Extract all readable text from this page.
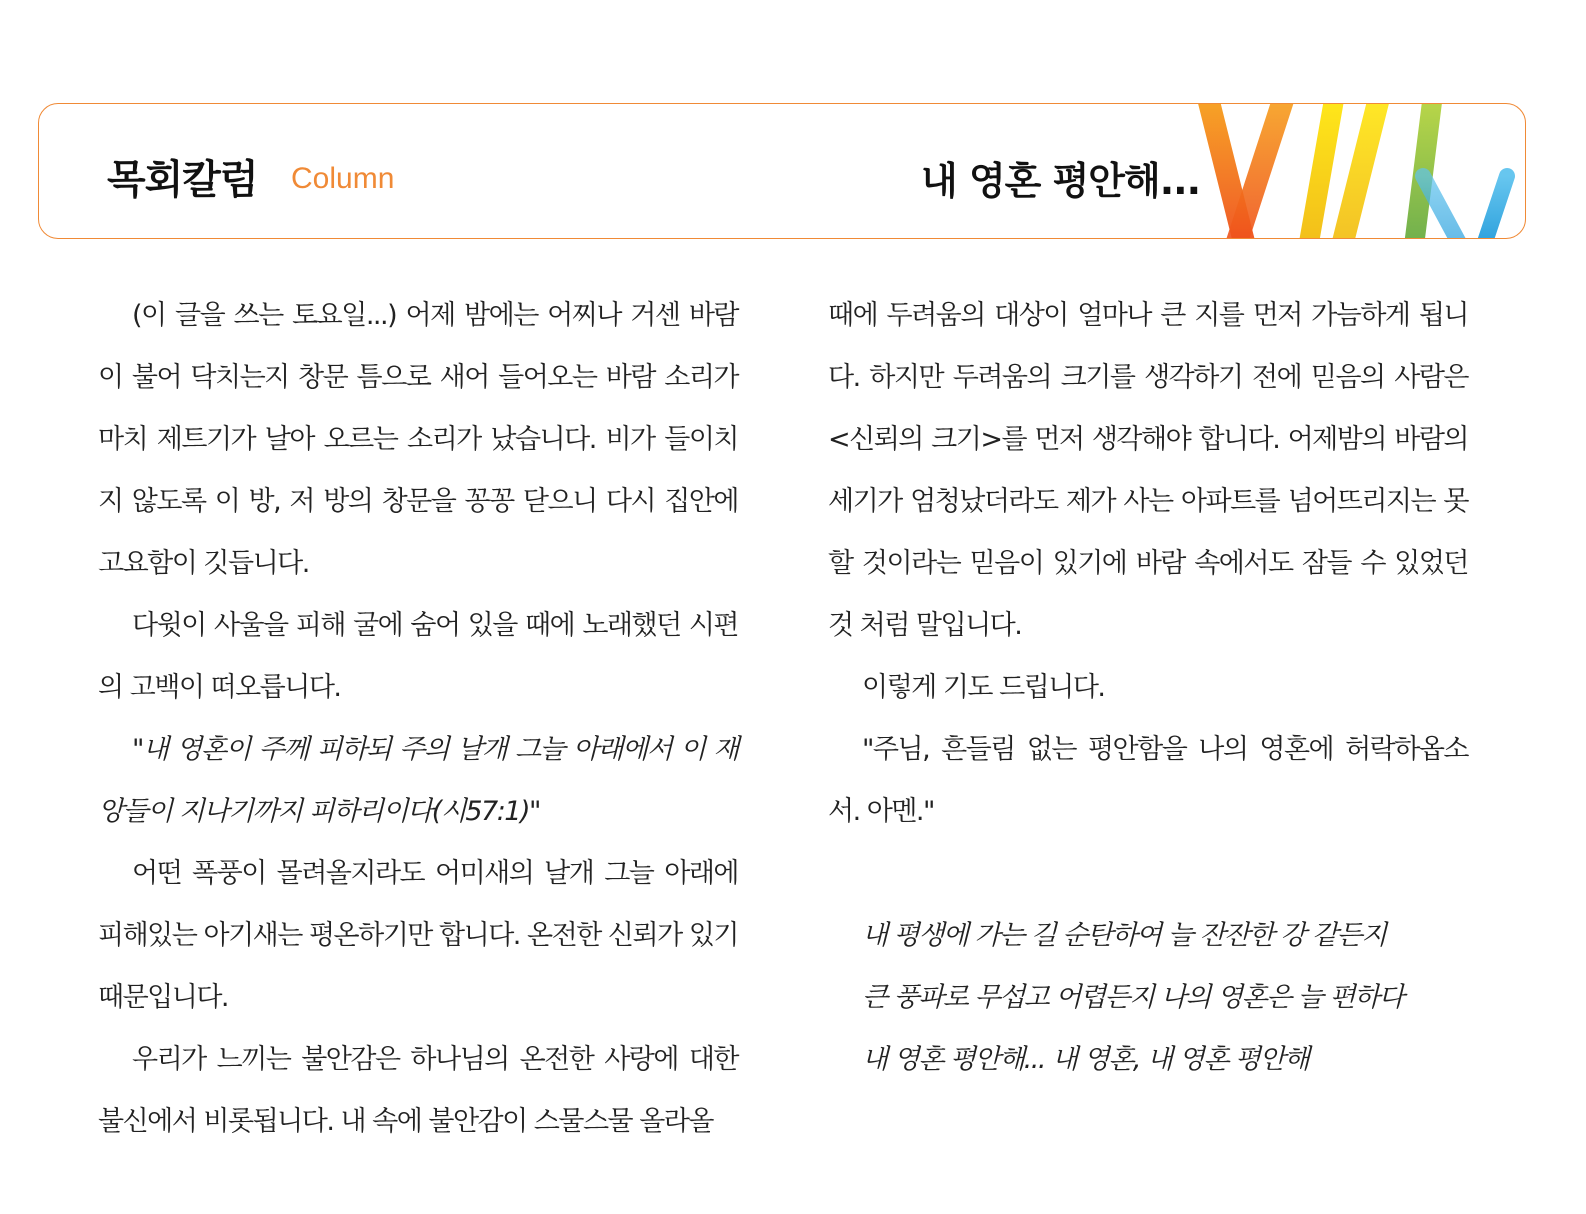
목회칼럼 Column	내 영혼 평안해...

(이 글을 쓰는 토요일...) 어제 밤에는 어찌나 거센 바람이 불어 닥치는지 창문 틈으로 새어 들어오는 바람 소리가 마치 제트기가 날아 오르는 소리가 났습니다. 비가 들이치지 않도록 이 방, 저 방의 창문을 꽁꽁 닫으니 다시 집안에 고요함이 깃듭니다.

다윗이 사울을 피해 굴에 숨어 있을 때에 노래했던 시편의 고백이 떠오릅니다.

"내 영혼이 주께 피하되 주의 날개 그늘 아래에서 이 재앙들이 지나기까지 피하리이다(시57:1)"

어떤 폭풍이 몰려올지라도 어미새의 날개 그늘 아래에 피해있는 아기새는 평온하기만 합니다. 온전한 신뢰가 있기 때문입니다.

우리가 느끼는 불안감은 하나님의 온전한 사랑에 대한 불신에서 비롯됩니다. 내 속에 불안감이 스물스물 올라올

때에 두려움의 대상이 얼마나 큰 지를 먼저 가늠하게 됩니다. 하지만 두려움의 크기를 생각하기 전에 믿음의 사람은 <신뢰의 크기>를 먼저 생각해야 합니다. 어제밤의 바람의 세기가 엄청났더라도 제가 사는 아파트를 넘어뜨리지는 못할 것이라는 믿음이 있기에 바람 속에서도 잠들 수 있었던 것 처럼 말입니다.

이렇게 기도 드립니다.

"주님, 흔들림 없는 평안함을 나의 영혼에 허락하옵소서. 아멘."

내 평생에 가는 길 순탄하여 늘 잔잔한 강 같든지

큰 풍파로 무섭고 어렵든지 나의 영혼은 늘 편하다

내 영혼 평안해... 내 영혼, 내 영혼 평안해
